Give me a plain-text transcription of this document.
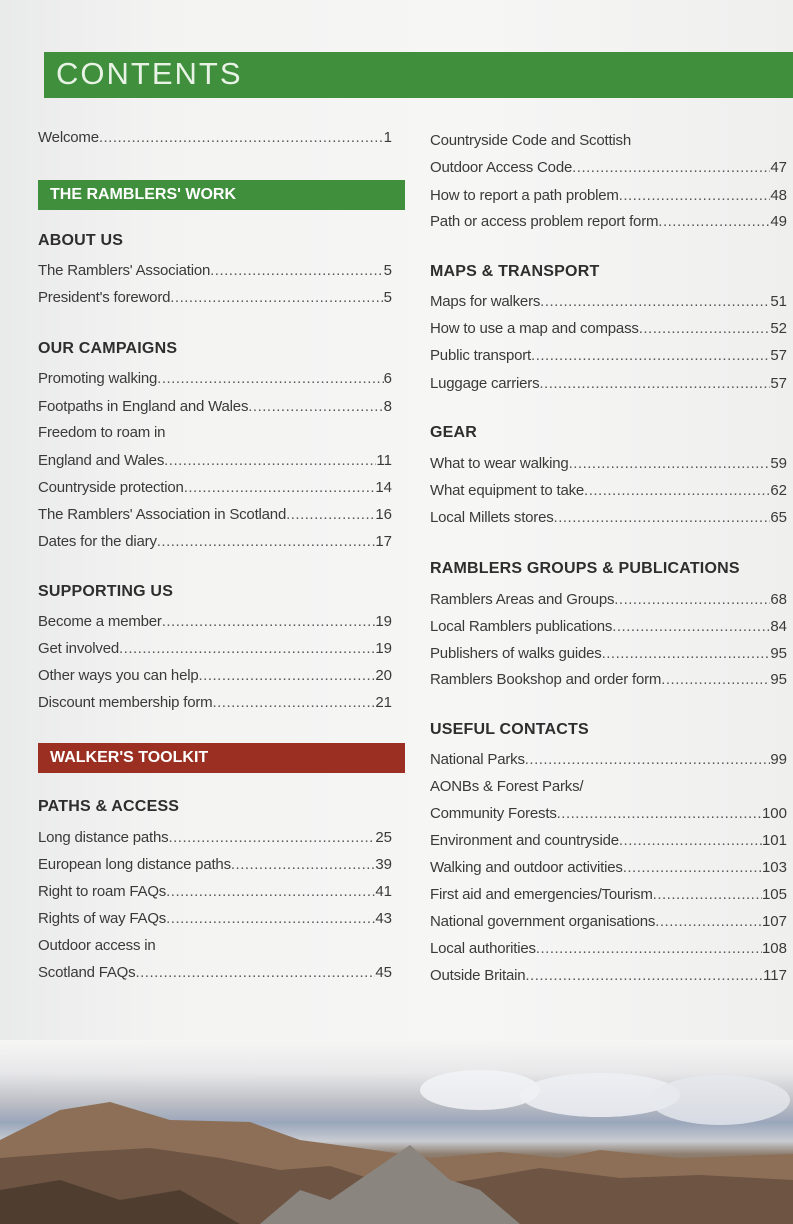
CONTENTS
Welcome .....	1
THE RAMBLERS' WORK
ABOUT US
The Ramblers' Association .....	5
President's foreword .....	5
OUR CAMPAIGNS
Promoting walking .....	6
Footpaths in England and Wales .....	8
Freedom to roam in
England and Wales .....	11
Countryside protection .....	14
The Ramblers' Association in Scotland .....	16
Dates for the diary .....	17
SUPPORTING US
Become a member .....	19
Get involved .....	19
Other ways you can help .....	20
Discount membership form .....	21
WALKER'S TOOLKIT
PATHS & ACCESS
Long distance paths .....	25
European long distance paths .....	39
Right to roam FAQs .....	41
Rights of way FAQs .....	43
Outdoor access in
Scotland FAQs .....	45
Countryside Code and Scottish
Outdoor Access Code .....	47
How to report a path problem .....	48
Path or access problem report form .....	49
MAPS & TRANSPORT
Maps for walkers .....	51
How to use a map and compass .....	52
Public transport .....	57
Luggage carriers .....	57
GEAR
What to wear walking .....	59
What equipment to take .....	62
Local Millets stores .....	65
RAMBLERS GROUPS & PUBLICATIONS
Ramblers Areas and Groups .....	68
Local Ramblers publications .....	84
Publishers of walks guides .....	95
Ramblers Bookshop and order form .....	95
USEFUL CONTACTS
National Parks .....	99
AONBs & Forest Parks/
Community Forests .....	100
Environment and countryside .....	101
Walking and outdoor activities .....	103
First aid and emergencies/Tourism .....	105
National government organisations .....	107
Local authorities .....	108
Outside Britain .....	117
